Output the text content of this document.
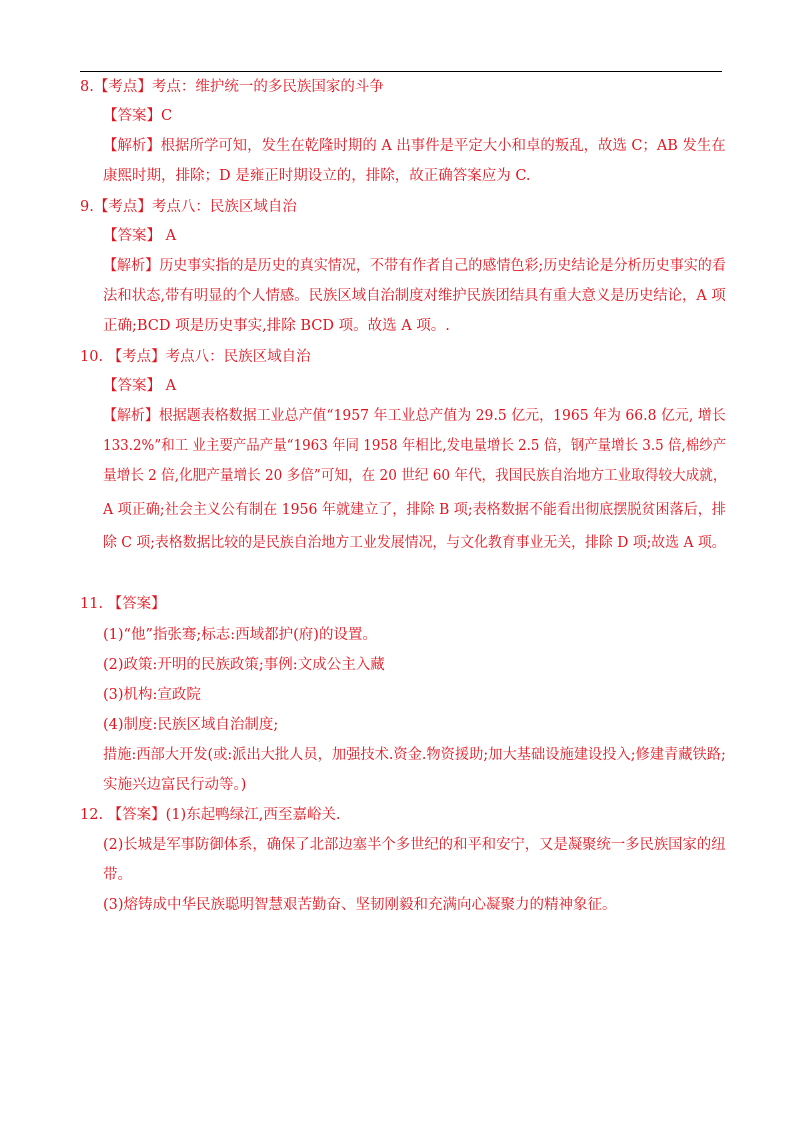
8.【考点】考点：维护统一的多民族国家的斗争
【答案】C
【解析】根据所学可知，发生在乾隆时期的 A 出事件是平定大小和卓的叛乱，故选 C；AB 发生在
康熙时期，排除；D 是雍正时期设立的，排除，故正确答案应为 C.
9.【考点】考点八：民族区域自治
【答案】 A
【解析】历史事实指的是历史的真实情况，不带有作者自己的感情色彩;历史结论是分析历史事实的看
法和状态,带有明显的个人情感。民族区域自治制度对维护民族团结具有重大意义是历史结论，A 项
正确;BCD 项是历史事实,排除 BCD 项。故选 A 项。.
10. 【考点】考点八：民族区域自治
【答案】 A
【解析】根据题表格数据工业总产值“1957 年工业总产值为 29.5 亿元，1965 年为 66.8 亿元, 增长
133.2%”和工 业主要产品产量“1963 年同 1958 年相比,发电量增长 2.5 倍，钢产量增长 3.5 倍,棉纱产
量增长 2 倍,化肥产量增长 20 多倍”可知，在 20 世纪 60 年代，我国民族自治地方工业取得较大成就，
A 项正确;社会主义公有制在 1956 年就建立了，排除 B 项;表格数据不能看出彻底摆脱贫困落后，排
除 C 项;表格数据比较的是民族自治地方工业发展情况，与文化教育事业无关，排除 D 项;故选 A 项。
11. 【答案】
(1)“他”指张骞;标志:西域都护(府)的设置。
(2)政策:开明的民族政策;事例:文成公主入藏
(3)机构:宣政院
(4)制度:民族区域自治制度;
措施:西部大开发(或:派出大批人员，加强技术.资金.物资援助;加大基础设施建设投入;修建青藏铁路;
实施兴边富民行动等。)
12. 【答案】(1)东起鸭绿江,西至嘉峪关.
(2)长城是军事防御体系，确保了北部边塞半个多世纪的和平和安宁，又是凝聚统一多民族国家的纽
带。
(3)熔铸成中华民族聪明智慧艰苦勤奋、坚韧刚毅和充满向心凝聚力的精神象征。
